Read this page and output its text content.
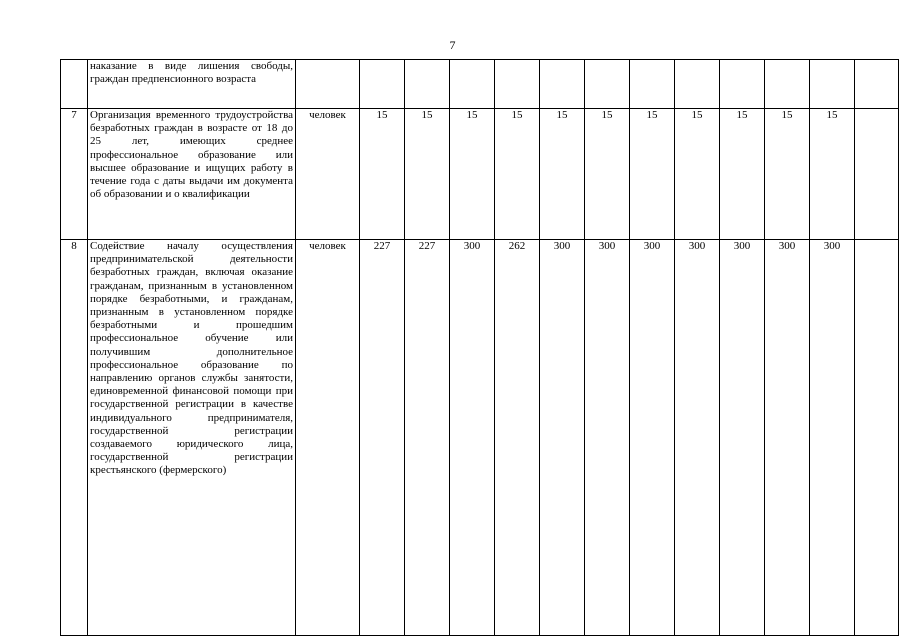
7

	наказание в виде лишения свободы, граждан предпенсионного возраста													

7	Организация временного трудоустройства безработных граждан в возрасте от 18 до 25 лет, имеющих среднее профессиональное образование или высшее образование и ищущих работу в течение года с даты выдачи им документа об образовании и о квалификации	человек	15	15	15	15	15	15	15	15	15	15	15	
8	Содействие началу осуществления предпринимательской деятельности безработных граждан, включая оказание гражданам, признанным в установленном порядке безработными, и гражданам, признанным в установленном порядке безработными и прошедшим профессиональное обучение или получившим дополнительное профессиональное образование по направлению органов службы занятости, единовременной финансовой помощи при государственной регистрации в качестве индивидуального предпринимателя, государственной регистрации создаваемого юридического лица, государственной регистрации крестьянского (фермерского)	человек	227	227	300	262	300	300	300	300	300	300	300	
